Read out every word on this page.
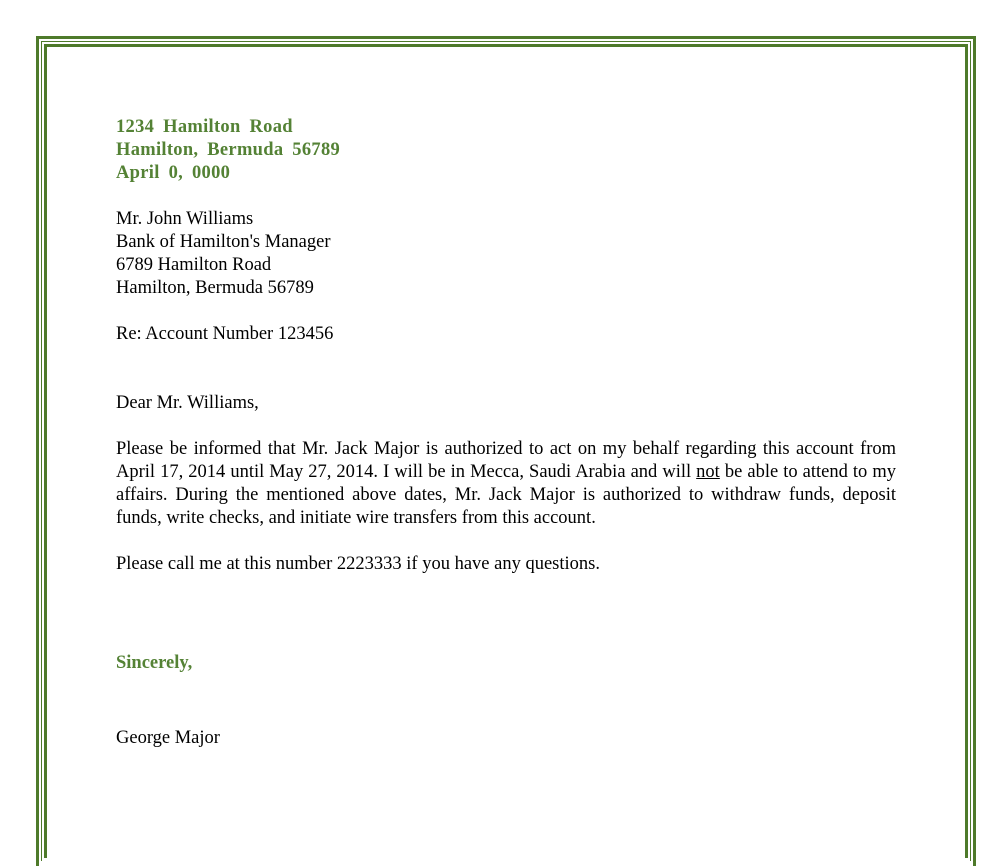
1234 Hamilton Road
Hamilton, Bermuda 56789
April 0, 0000
Mr. John Williams
Bank of Hamilton's Manager
6789 Hamilton Road
Hamilton, Bermuda 56789
Re: Account Number 123456
Dear Mr. Williams,

Please be informed that Mr. Jack Major is authorized to act on my behalf regarding this account from April 17, 2014 until May 27, 2014. I will be in Mecca, Saudi Arabia and will not be able to attend to my affairs. During the mentioned above dates, Mr. Jack Major is authorized to withdraw funds, deposit funds, write checks, and initiate wire transfers from this account.

Please call me at this number 2223333 if you have any questions.

Sincerely,
George Major
